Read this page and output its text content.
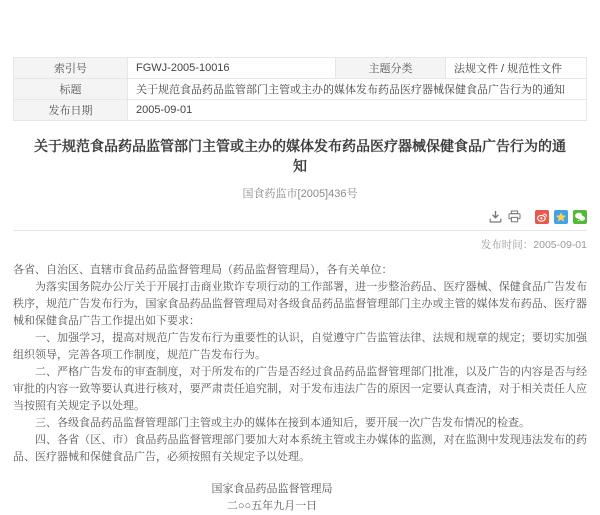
索引号	FGWJ-2005-10016	主题分类	法规文件 / 规范性文件
标题	关于规范食品药品监管部门主管或主办的媒体发布药品医疗器械保健食品广告行为的通知		
发布日期	2005-09-01		
关于规范食品药品监管部门主管或主办的媒体发布药品医疗器械保健食品广告行为的通知
国食药监市[2005]436号
发布时间：2005-09-01

各省、自治区、直辖市食品药品监督管理局（药品监督管理局），各有关单位：

为落实国务院办公厅关于开展打击商业欺诈专项行动的工作部署，进一步整治药品、医疗器械、保健食品广告发布秩序，规范广告发布行为，国家食品药品监督管理局对各级食品药品监督管理部门主办或主管的媒体发布药品、医疗器械和保健食品广告工作提出如下要求：

一、加强学习，提高对规范广告发布行为重要性的认识，自觉遵守广告监管法律、法规和规章的规定；要切实加强组织领导，完善各项工作制度，规范广告发布行为。

二、严格广告发布的审查制度，对于所发布的广告是否经过食品药品监督管理部门批准，以及广告的内容是否与经审批的内容一致等要认真进行核对，要严肃责任追究制，对于发布违法广告的原因一定要认真查清，对于相关责任人应当按照有关规定予以处理。

三、各级食品药品监督管理部门主管或主办的媒体在接到本通知后，要开展一次广告发布情况的检查。

四、各省（区、市）食品药品监督管理部门要加大对本系统主管或主办媒体的监测，对在监测中发现违法发布的药品、医疗器械和保健食品广告，必须按照有关规定予以处理。

国家食品药品监督管理局
二○○五年九月一日
